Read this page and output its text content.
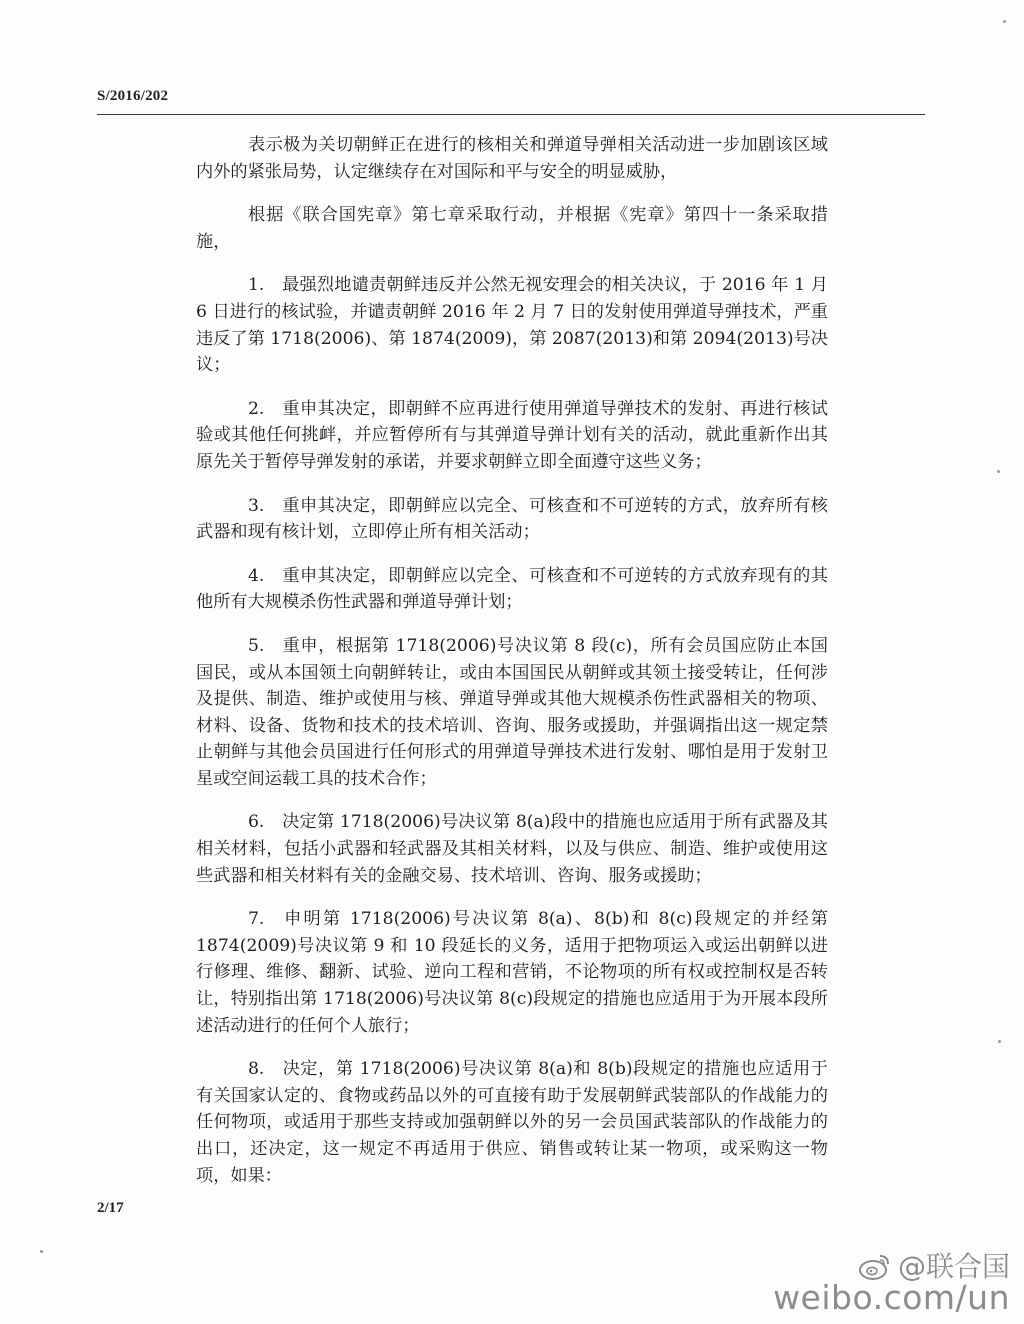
S/2016/202

表示极为关切朝鲜正在进行的核相关和弹道导弹相关活动进一步加剧该区域内外的紧张局势，认定继续存在对国际和平与安全的明显威胁，

根据《联合国宪章》第七章采取行动，并根据《宪章》第四十一条采取措施，

1. 最强烈地谴责朝鲜违反并公然无视安理会的相关决议，于 2016 年 1 月 6 日进行的核试验，并谴责朝鲜 2016 年 2 月 7 日的发射使用弹道导弹技术，严重违反了第 1718(2006)、第 1874(2009)，第 2087(2013)和第 2094(2013)号决议；

2. 重申其决定，即朝鲜不应再进行使用弹道导弹技术的发射、再进行核试验或其他任何挑衅，并应暂停所有与其弹道导弹计划有关的活动，就此重新作出其原先关于暂停导弹发射的承诺，并要求朝鲜立即全面遵守这些义务；

3. 重申其决定，即朝鲜应以完全、可核查和不可逆转的方式，放弃所有核武器和现有核计划，立即停止所有相关活动；

4. 重申其决定，即朝鲜应以完全、可核查和不可逆转的方式放弃现有的其他所有大规模杀伤性武器和弹道导弹计划；

5. 重申，根据第 1718(2006)号决议第 8 段(c)，所有会员国应防止本国国民，或从本国领土向朝鲜转让，或由本国国民从朝鲜或其领土接受转让，任何涉及提供、制造、维护或使用与核、弹道导弹或其他大规模杀伤性武器相关的物项、材料、设备、货物和技术的技术培训、咨询、服务或援助，并强调指出这一规定禁止朝鲜与其他会员国进行任何形式的用弹道导弹技术进行发射、哪怕是用于发射卫星或空间运载工具的技术合作；

6. 决定第 1718(2006)号决议第 8(a)段中的措施也应适用于所有武器及其相关材料，包括小武器和轻武器及其相关材料，以及与供应、制造、维护或使用这些武器和相关材料有关的金融交易、技术培训、咨询、服务或援助；

7. 申明第 1718(2006)号决议第 8(a)、8(b)和 8(c)段规定的并经第 1874(2009)号决议第 9 和 10 段延长的义务，适用于把物项运入或运出朝鲜以进行修理、维修、翻新、试验、逆向工程和营销，不论物项的所有权或控制权是否转让，特别指出第 1718(2006)号决议第 8(c)段规定的措施也应适用于为开展本段所述活动进行的任何个人旅行；

8. 决定，第 1718(2006)号决议第 8(a)和 8(b)段规定的措施也应适用于有关国家认定的、食物或药品以外的可直接有助于发展朝鲜武装部队的作战能力的任何物项，或适用于那些支持或加强朝鲜以外的另一会员国武装部队的作战能力的出口，还决定，这一规定不再适用于供应、销售或转让某一物项，或采购这一物项，如果：

2/17
@联合国
weibo.com/un
